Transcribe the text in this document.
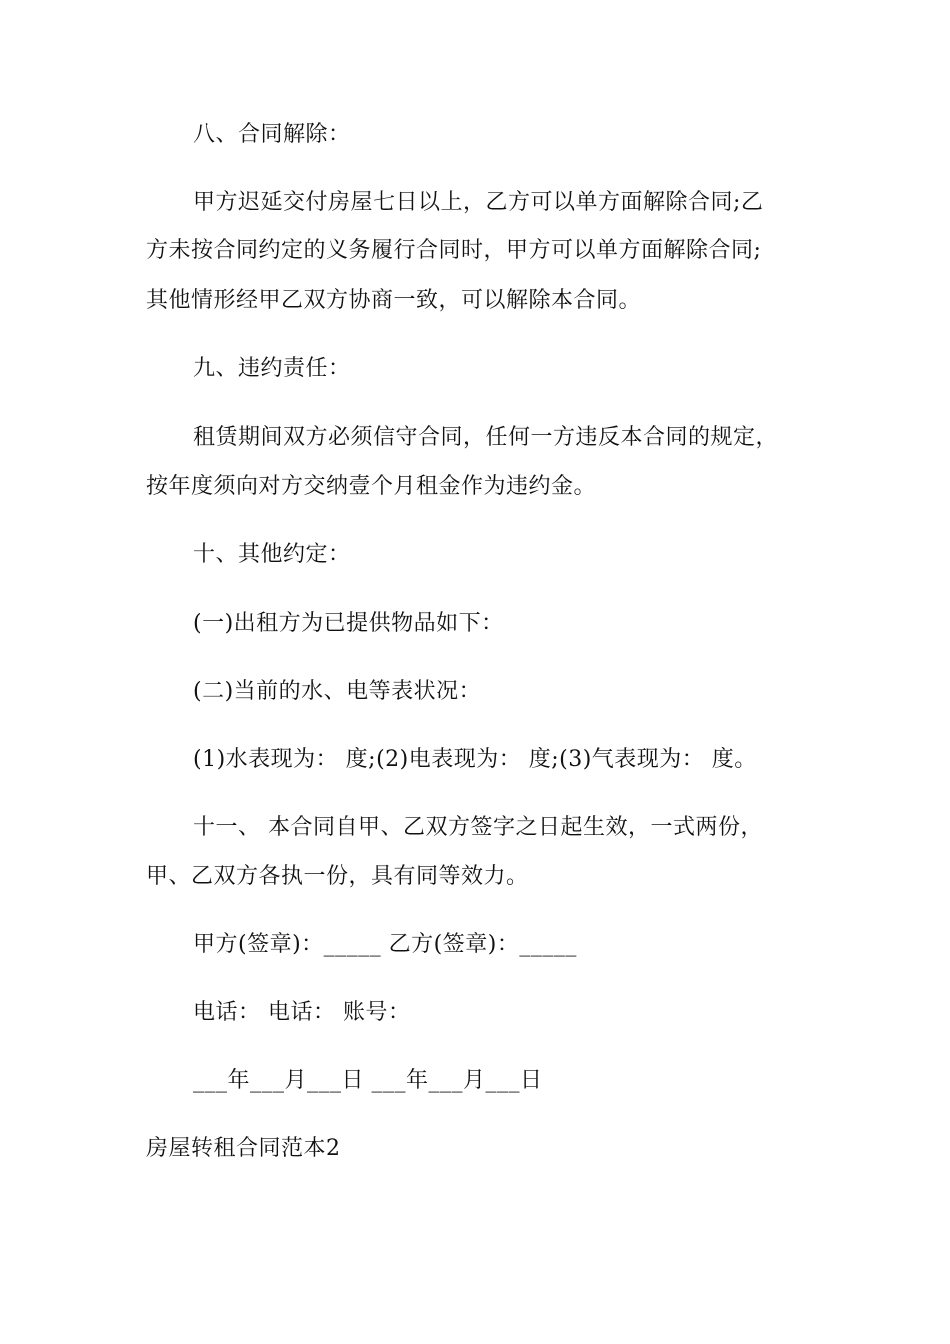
八、合同解除：
甲方迟延交付房屋七日以上，乙方可以单方面解除合同;乙
方未按合同约定的义务履行合同时，甲方可以单方面解除合同;
其他情形经甲乙双方协商一致，可以解除本合同。
九、违约责任：
租赁期间双方必须信守合同，任何一方违反本合同的规定，
按年度须向对方交纳壹个月租金作为违约金。
十、其他约定：
(一)出租方为已提供物品如下：
(二)当前的水、电等表状况：
(1)水表现为： 度;(2)电表现为： 度;(3)气表现为： 度。
十一、 本合同自甲、乙双方签字之日起生效，一式两份，
甲、乙双方各执一份，具有同等效力。
甲方(签章)：_____ 乙方(签章)：_____
电话： 电话： 账号：
___年___月___日 ___年___月___日
房屋转租合同范本2
